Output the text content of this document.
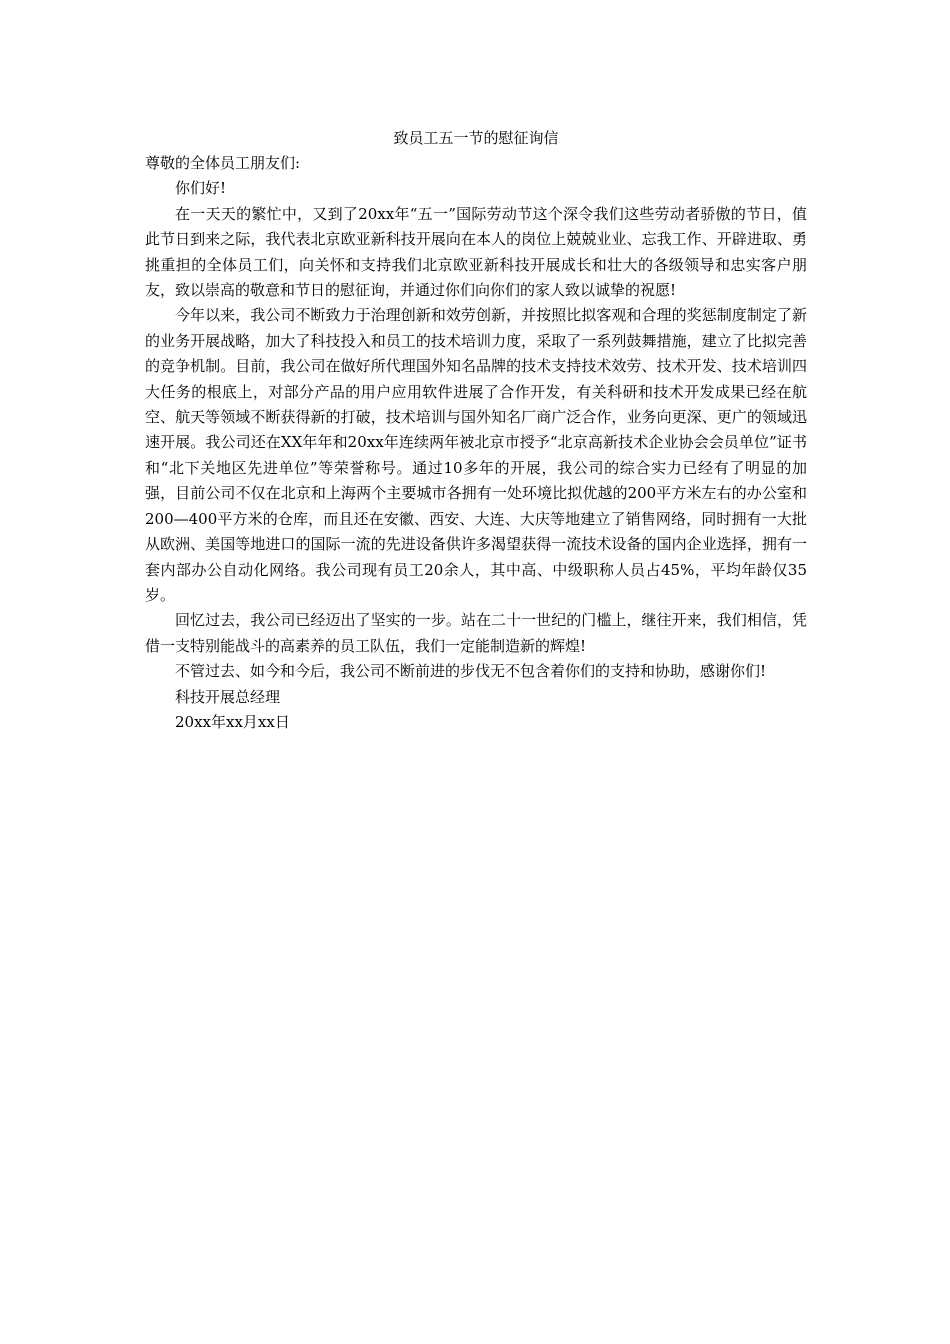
致员工五一节的慰征询信

尊敬的全体员工朋友们:

你们好!

在一天天的繁忙中，又到了20xx年“五一”国际劳动节这个深令我们这些劳动者骄傲的节日，值此节日到来之际，我代表北京欧亚新科技开展向在本人的岗位上兢兢业业、忘我工作、开辟进取、勇挑重担的全体员工们，向关怀和支持我们北京欧亚新科技开展成长和壮大的各级领导和忠实客户朋友，致以崇高的敬意和节日的慰征询，并通过你们向你们的家人致以诚挚的祝愿!

今年以来，我公司不断致力于治理创新和效劳创新，并按照比拟客观和合理的奖惩制度制定了新的业务开展战略，加大了科技投入和员工的技术培训力度，采取了一系列鼓舞措施，建立了比拟完善的竞争机制。目前，我公司在做好所代理国外知名品牌的技术支持技术效劳、技术开发、技术培训四大任务的根底上，对部分产品的用户应用软件进展了合作开发，有关科研和技术开发成果已经在航空、航天等领域不断获得新的打破，技术培训与国外知名厂商广泛合作，业务向更深、更广的领域迅速开展。我公司还在XX年年和20xx年连续两年被北京市授予“北京高新技术企业协会会员单位”证书和“北下关地区先进单位”等荣誉称号。通过10多年的开展，我公司的综合实力已经有了明显的加强，目前公司不仅在北京和上海两个主要城市各拥有一处环境比拟优越的200平方米左右的办公室和200—400平方米的仓库，而且还在安徽、西安、大连、大庆等地建立了销售网络，同时拥有一大批从欧洲、美国等地进口的国际一流的先进设备供许多渴望获得一流技术设备的国内企业选择，拥有一套内部办公自动化网络。我公司现有员工20余人，其中高、中级职称人员占45%，平均年龄仅35岁。

回忆过去，我公司已经迈出了坚实的一步。站在二十一世纪的门槛上，继往开来，我们相信，凭借一支特别能战斗的高素养的员工队伍，我们一定能制造新的辉煌!

不管过去、如今和今后，我公司不断前进的步伐无不包含着你们的支持和协助，感谢你们!

科技开展总经理

20xx年xx月xx日
